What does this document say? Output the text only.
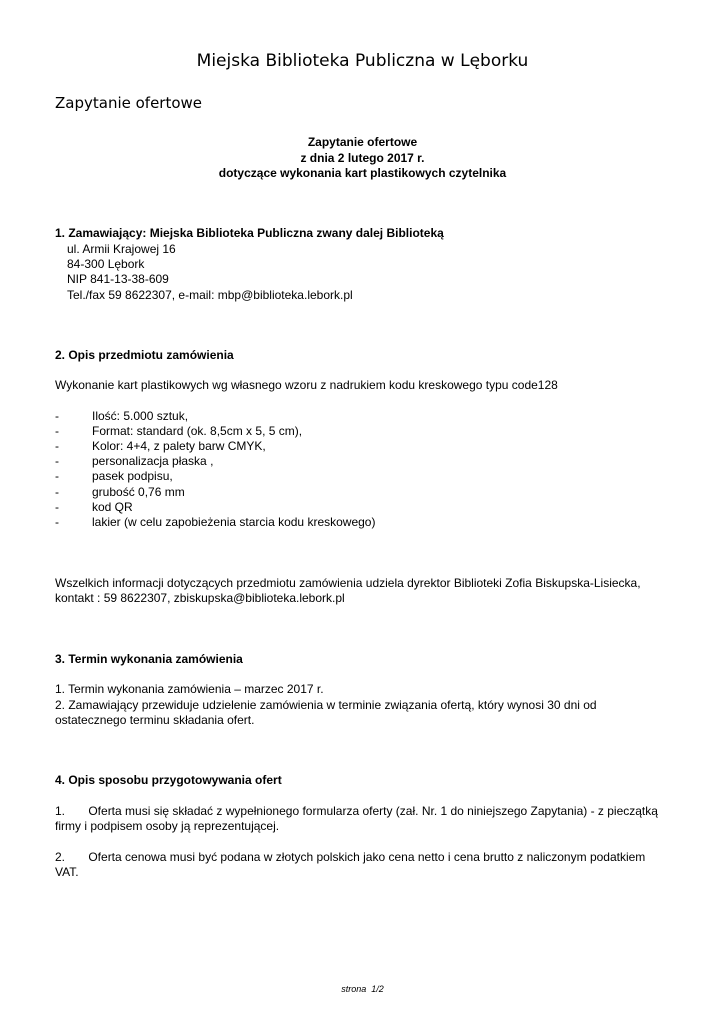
Miejska Biblioteka Publiczna w Lęborku
Zapytanie ofertowe
Zapytanie ofertowe
z dnia 2 lutego 2017 r.
dotyczące wykonania kart plastikowych czytelnika
1. Zamawiający: Miejska Biblioteka Publiczna zwany dalej Biblioteką
ul. Armii Krajowej 16
84-300 Lębork
NIP 841-13-38-609
Tel./fax 59 8622307, e-mail: mbp@biblioteka.lebork.pl
2. Opis przedmiotu zamówienia
Wykonanie kart plastikowych wg własnego wzoru z nadrukiem kodu kreskowego typu code128
-	Ilość: 5.000 sztuk,
-	Format: standard (ok. 8,5cm x 5, 5 cm),
-	Kolor: 4+4, z palety barw CMYK,
-	personalizacja płaska ,
-	pasek podpisu,
-	grubość 0,76 mm
-	kod QR
-	lakier (w celu zapobieżenia starcia kodu kreskowego)
Wszelkich informacji dotyczących przedmiotu zamówienia udziela dyrektor Biblioteki Zofia Biskupska-Lisiecka,
kontakt : 59 8622307, zbiskupska@biblioteka.lebork.pl
3. Termin wykonania zamówienia
1. Termin wykonania zamówienia – marzec 2017 r.
2. Zamawiający przewiduje udzielenie zamówienia w terminie związania ofertą, który wynosi 30 dni od
ostatecznego terminu składania ofert.
4. Opis sposobu przygotowywania ofert
1.       Oferta musi się składać z wypełnionego formularza oferty (zał. Nr. 1 do niniejszego Zapytania) - z pieczątką
firmy i podpisem osoby ją reprezentującej.
2.       Oferta cenowa musi być podana w złotych polskich jako cena netto i cena brutto z naliczonym podatkiem
VAT.
strona  1/2
